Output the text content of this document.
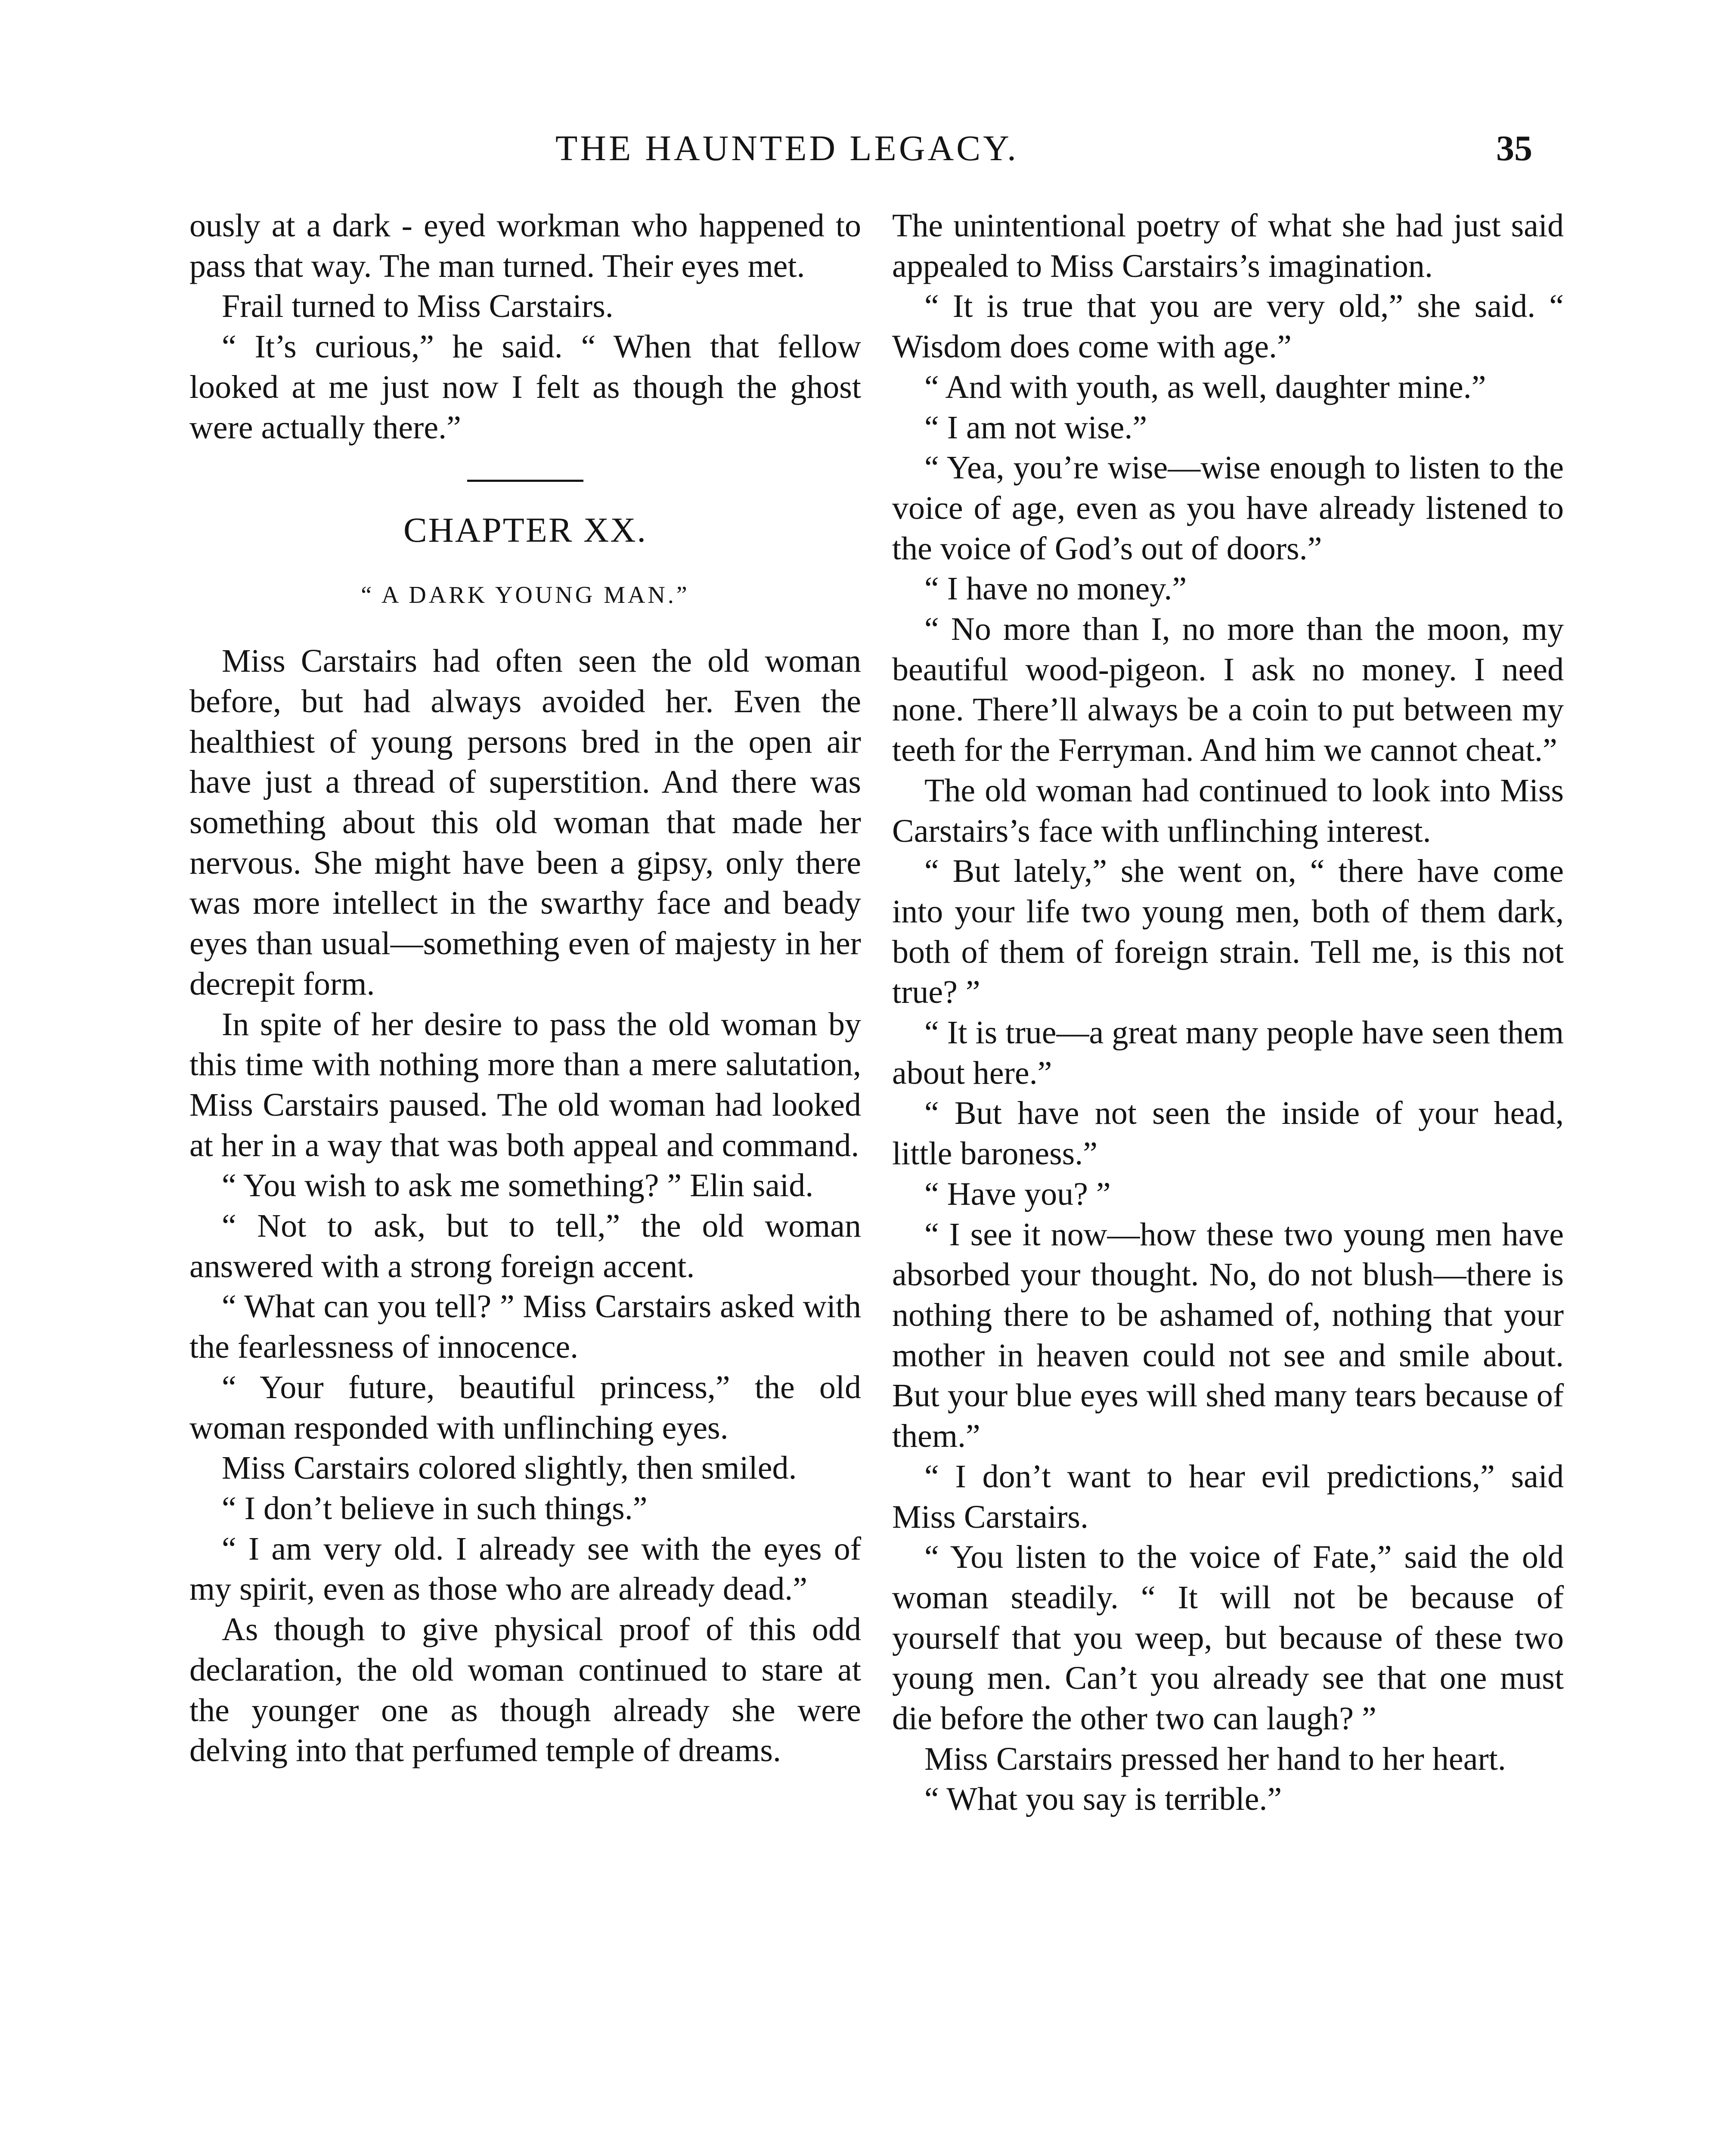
THE HAUNTED LEGACY.	35

ously at a dark - eyed workman who happened to pass that way. The man turned. Their eyes met.

Frail turned to Miss Carstairs.

“ It’s curious,” he said. “ When that fellow looked at me just now I felt as though the ghost were actually there.”

CHAPTER XX.
“ A DARK YOUNG MAN.”

Miss Carstairs had often seen the old woman before, but had always avoided her. Even the healthiest of young persons bred in the open air have just a thread of superstition. And there was something about this old woman that made her nervous. She might have been a gipsy, only there was more intellect in the swarthy face and beady eyes than usual—something even of majesty in her decrepit form.

In spite of her desire to pass the old woman by this time with nothing more than a mere salutation, Miss Carstairs paused. The old woman had looked at her in a way that was both appeal and command.

“ You wish to ask me something? ” Elin said.

“ Not to ask, but to tell,” the old woman answered with a strong foreign accent.

“ What can you tell? ” Miss Carstairs asked with the fearlessness of innocence.

“ Your future, beautiful princess,” the old woman responded with unflinching eyes.

Miss Carstairs colored slightly, then smiled.

“ I don’t believe in such things.”

“ I am very old. I already see with the eyes of my spirit, even as those who are already dead.”

As though to give physical proof of this odd declaration, the old woman continued to stare at the younger one as though already she were delving into that perfumed temple of dreams.

The unintentional poetry of what she had just said appealed to Miss Carstairs’s imagination.

“ It is true that you are very old,” she said. “ Wisdom does come with age.”

“ And with youth, as well, daughter mine.”

“ I am not wise.”

“ Yea, you’re wise—wise enough to listen to the voice of age, even as you have already listened to the voice of God’s out of doors.”

“ I have no money.”

“ No more than I, no more than the moon, my beautiful wood-pigeon. I ask no money. I need none. There’ll always be a coin to put between my teeth for the Ferryman. And him we cannot cheat.”

The old woman had continued to look into Miss Carstairs’s face with unflinching interest.

“ But lately,” she went on, “ there have come into your life two young men, both of them dark, both of them of foreign strain. Tell me, is this not true? ”

“ It is true—a great many people have seen them about here.”

“ But have not seen the inside of your head, little baroness.”

“ Have you? ”

“ I see it now—how these two young men have absorbed your thought. No, do not blush—there is nothing there to be ashamed of, nothing that your mother in heaven could not see and smile about. But your blue eyes will shed many tears because of them.”

“ I don’t want to hear evil predictions,” said Miss Carstairs.

“ You listen to the voice of Fate,” said the old woman steadily. “ It will not be because of yourself that you weep, but because of these two young men. Can’t you already see that one must die before the other two can laugh? ”

Miss Carstairs pressed her hand to her heart.

“ What you say is terrible.”
